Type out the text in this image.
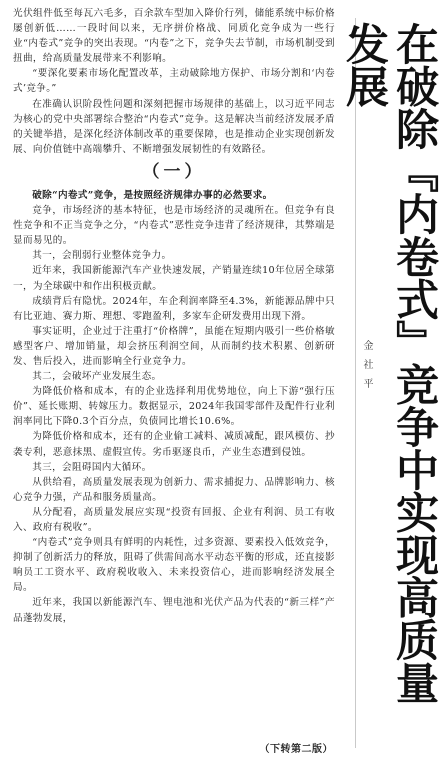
光伏组件低至每瓦六毛多，百余款车型加入降价行列，储能系统中标价格屡创新低……一段时间以来，无序拼价格战、同质化竞争成为一些行业“内卷式”竞争的突出表现。“内卷”之下，竞争失去节制，市场机制受到扭曲，给高质量发展带来不利影响。

“要深化要素市场化配置改革，主动破除地方保护、市场分割和‘内卷式’竞争。”

在准确认识阶段性问题和深刻把握市场规律的基础上，以习近平同志为核心的党中央部署综合整治“内卷式”竞争。这是解决当前经济发展矛盾的关键举措，是深化经济体制改革的重要保障，也是推动企业实现创新发展、向价值链中高端攀升、不断增强发展韧性的有效路径。

（一）

破除“内卷式”竞争，是按照经济规律办事的必然要求。

竞争，市场经济的基本特征，也是市场经济的灵魂所在。但竞争有良性竞争和不正当竞争之分，“内卷式”恶性竞争违背了经济规律，其弊端是显而易见的。

其一，会削弱行业整体竞争力。

近年来，我国新能源汽车产业快速发展，产销量连续10年位居全球第一，为全球碳中和作出积极贡献。

成绩背后有隐忧。2024年，车企利润率降至4.3%，新能源品牌中只有比亚迪、赛力斯、理想、零跑盈利，多家车企研发费用出现下滑。

事实证明，企业过于注重打“价格牌”，虽能在短期内吸引一些价格敏感型客户、增加销量，却会挤压利润空间，从而制约技术积累、创新研发、售后投入，进而影响全行业竞争力。

其二，会破坏产业发展生态。

为降低价格和成本，有的企业选择利用优势地位，向上下游“强行压价”、延长账期、转嫁压力。数据显示，2024年我国零部件及配件行业利润率同比下降0.3个百分点，负债同比增长10.6%。

为降低价格和成本，还有的企业偷工减料、减质减配，跟风模仿、抄袭专利，恶意抹黑、虚假宣传。劣币驱逐良币，产业生态遭到侵蚀。

其三，会阻碍国内大循环。

从供给看，高质量发展表现为创新力、需求捕捉力、品牌影响力、核心竞争力强，产品和服务质量高。

从分配看，高质量发展应实现“投资有回报、企业有利润、员工有收入、政府有税收”。

“内卷式”竞争则具有鲜明的内耗性，过多资源、要素投入低效竞争，抑制了创新活力的释放，阻碍了供需间高水平动态平衡的形成，还直接影响员工工资水平、政府税收收入、未来投资信心，进而影响经济发展全局。

近年来，我国以新能源汽车、锂电池和光伏产品为代表的“新三样”产品蓬勃发展，

（下转第二版）
金 社 平 在破除『内卷式』竞争中实现高质量发展
